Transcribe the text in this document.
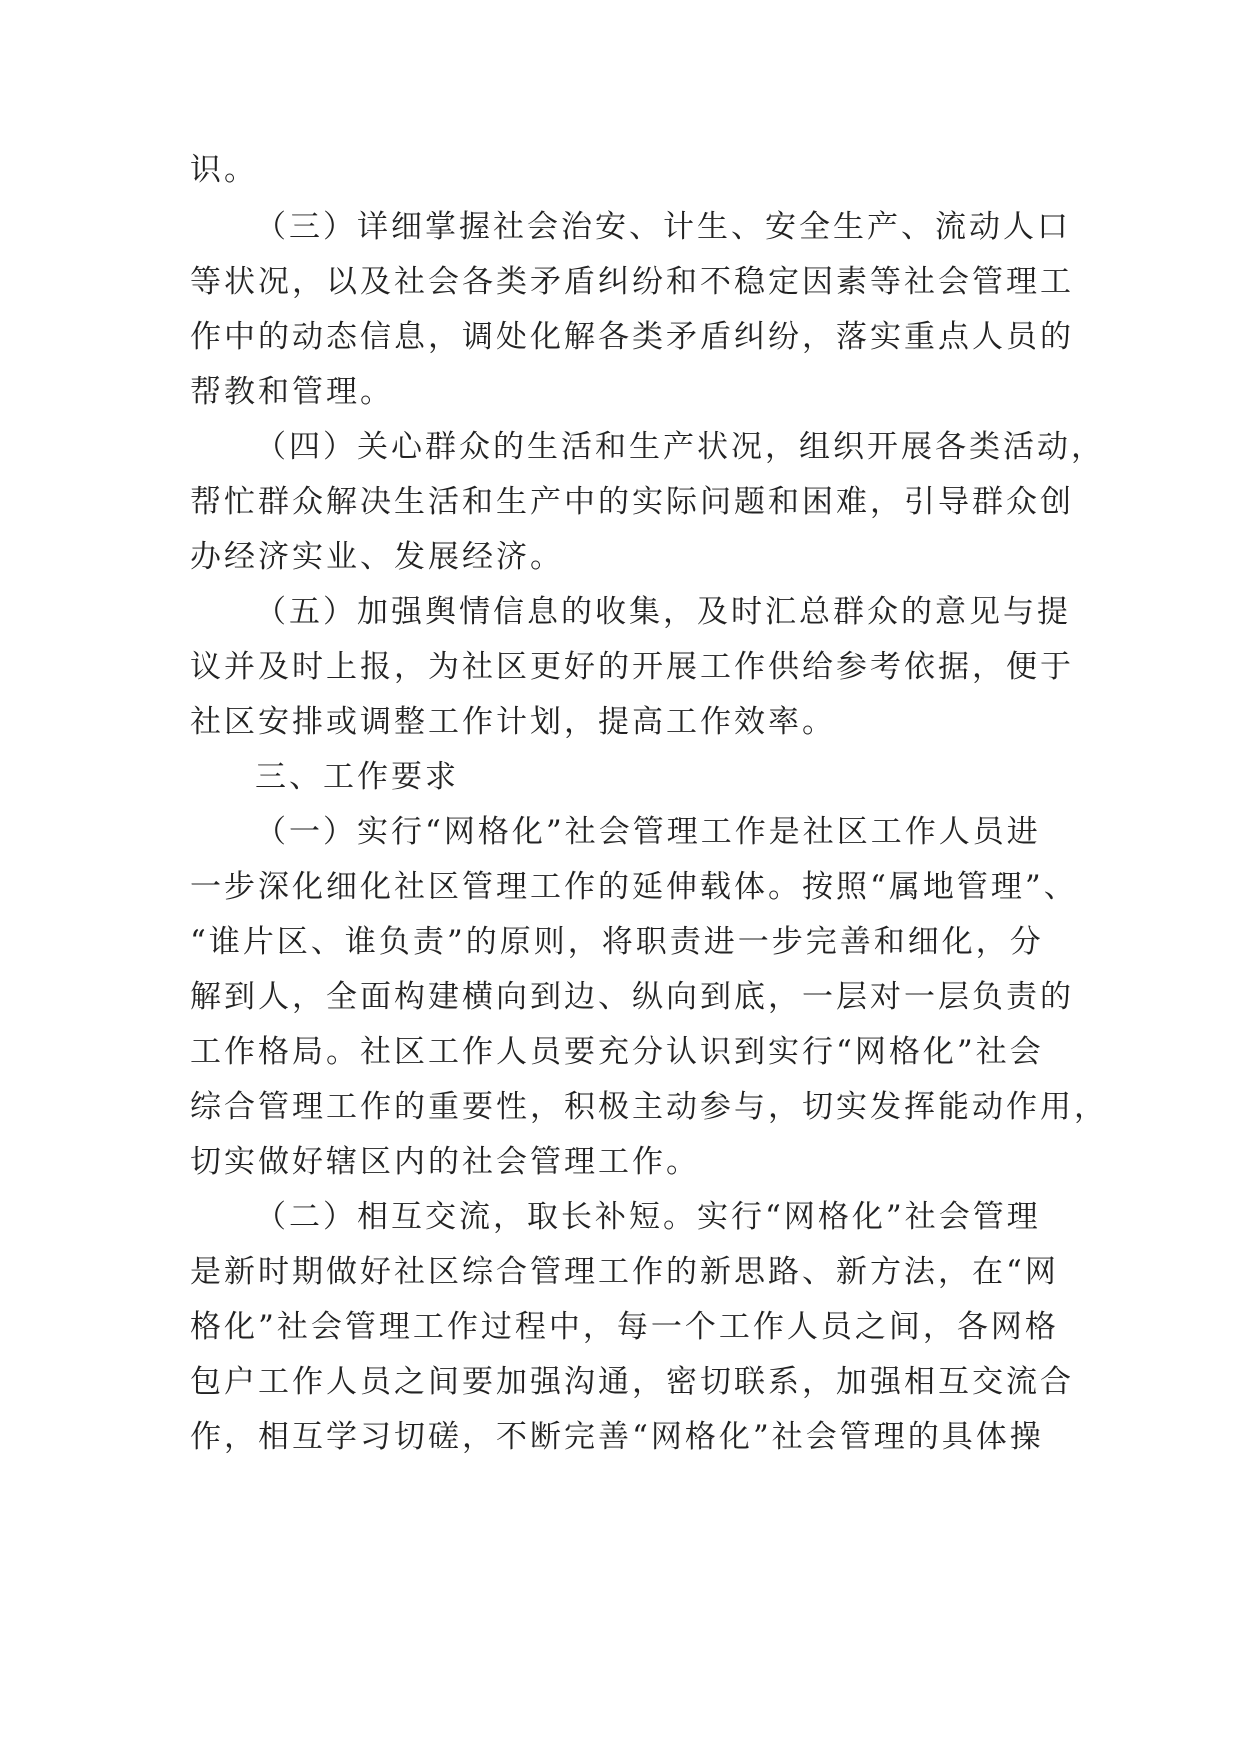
识。
（三）详细掌握社会治安、计生、安全生产、流动人口
等状况，以及社会各类矛盾纠纷和不稳定因素等社会管理工
作中的动态信息，调处化解各类矛盾纠纷，落实重点人员的
帮教和管理。
（四）关心群众的生活和生产状况，组织开展各类活动，
帮忙群众解决生活和生产中的实际问题和困难，引导群众创
办经济实业、发展经济。
（五）加强舆情信息的收集，及时汇总群众的意见与提
议并及时上报，为社区更好的开展工作供给参考依据，便于
社区安排或调整工作计划，提高工作效率。
三、工作要求
（一）实行“网格化”社会管理工作是社区工作人员进
一步深化细化社区管理工作的延伸载体。按照“属地管理”、
“谁片区、谁负责”的原则，将职责进一步完善和细化，分
解到人，全面构建横向到边、纵向到底，一层对一层负责的
工作格局。社区工作人员要充分认识到实行“网格化”社会
综合管理工作的重要性，积极主动参与，切实发挥能动作用，
切实做好辖区内的社会管理工作。
（二）相互交流，取长补短。实行“网格化”社会管理
是新时期做好社区综合管理工作的新思路、新方法，在“网
格化”社会管理工作过程中，每一个工作人员之间，各网格
包户工作人员之间要加强沟通，密切联系，加强相互交流合
作，相互学习切磋，不断完善“网格化”社会管理的具体操
